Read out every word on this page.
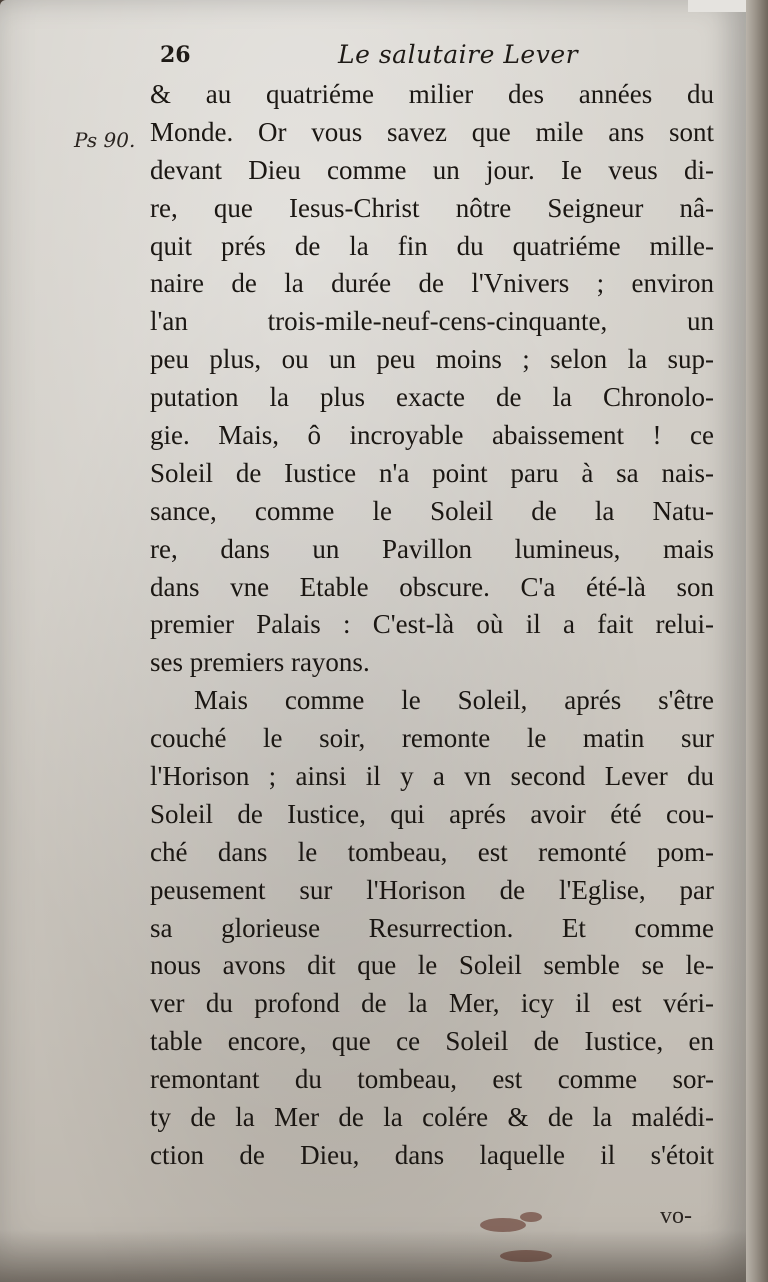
26	Le salutaire Lever
Ps 90.
& au quatriéme milier des années du
Monde. Or vous savez que mile ans sont
devant Dieu comme un jour. Ie veus di-
re, que Iesus-Christ nôtre Seigneur nâ-
quit prés de la fin du quatriéme mille-
naire de la durée de l'Vnivers ; environ
l'an trois-mile-neuf-cens-cinquante, un
peu plus, ou un peu moins ; selon la sup-
putation la plus exacte de la Chronolo-
gie. Mais, ô incroyable abaissement ! ce
Soleil de Iustice n'a point paru à sa nais-
sance, comme le Soleil de la Natu-
re, dans un Pavillon lumineus, mais
dans vne Etable obscure. C'a été-là son
premier Palais : C'est-là où il a fait relui-
ses premiers rayons.
Mais comme le Soleil, aprés s'être
couché le soir, remonte le matin sur
l'Horison ; ainsi il y a vn second Lever du
Soleil de Iustice, qui aprés avoir été cou-
ché dans le tombeau, est remonté pom-
peusement sur l'Horison de l'Eglise, par
sa glorieuse Resurrection. Et comme
nous avons dit que le Soleil semble se le-
ver du profond de la Mer, icy il est véri-
table encore, que ce Soleil de Iustice, en
remontant du tombeau, est comme sor-
ty de la Mer de la colére & de la malédi-
ction de Dieu, dans laquelle il s'étoit
vo-
